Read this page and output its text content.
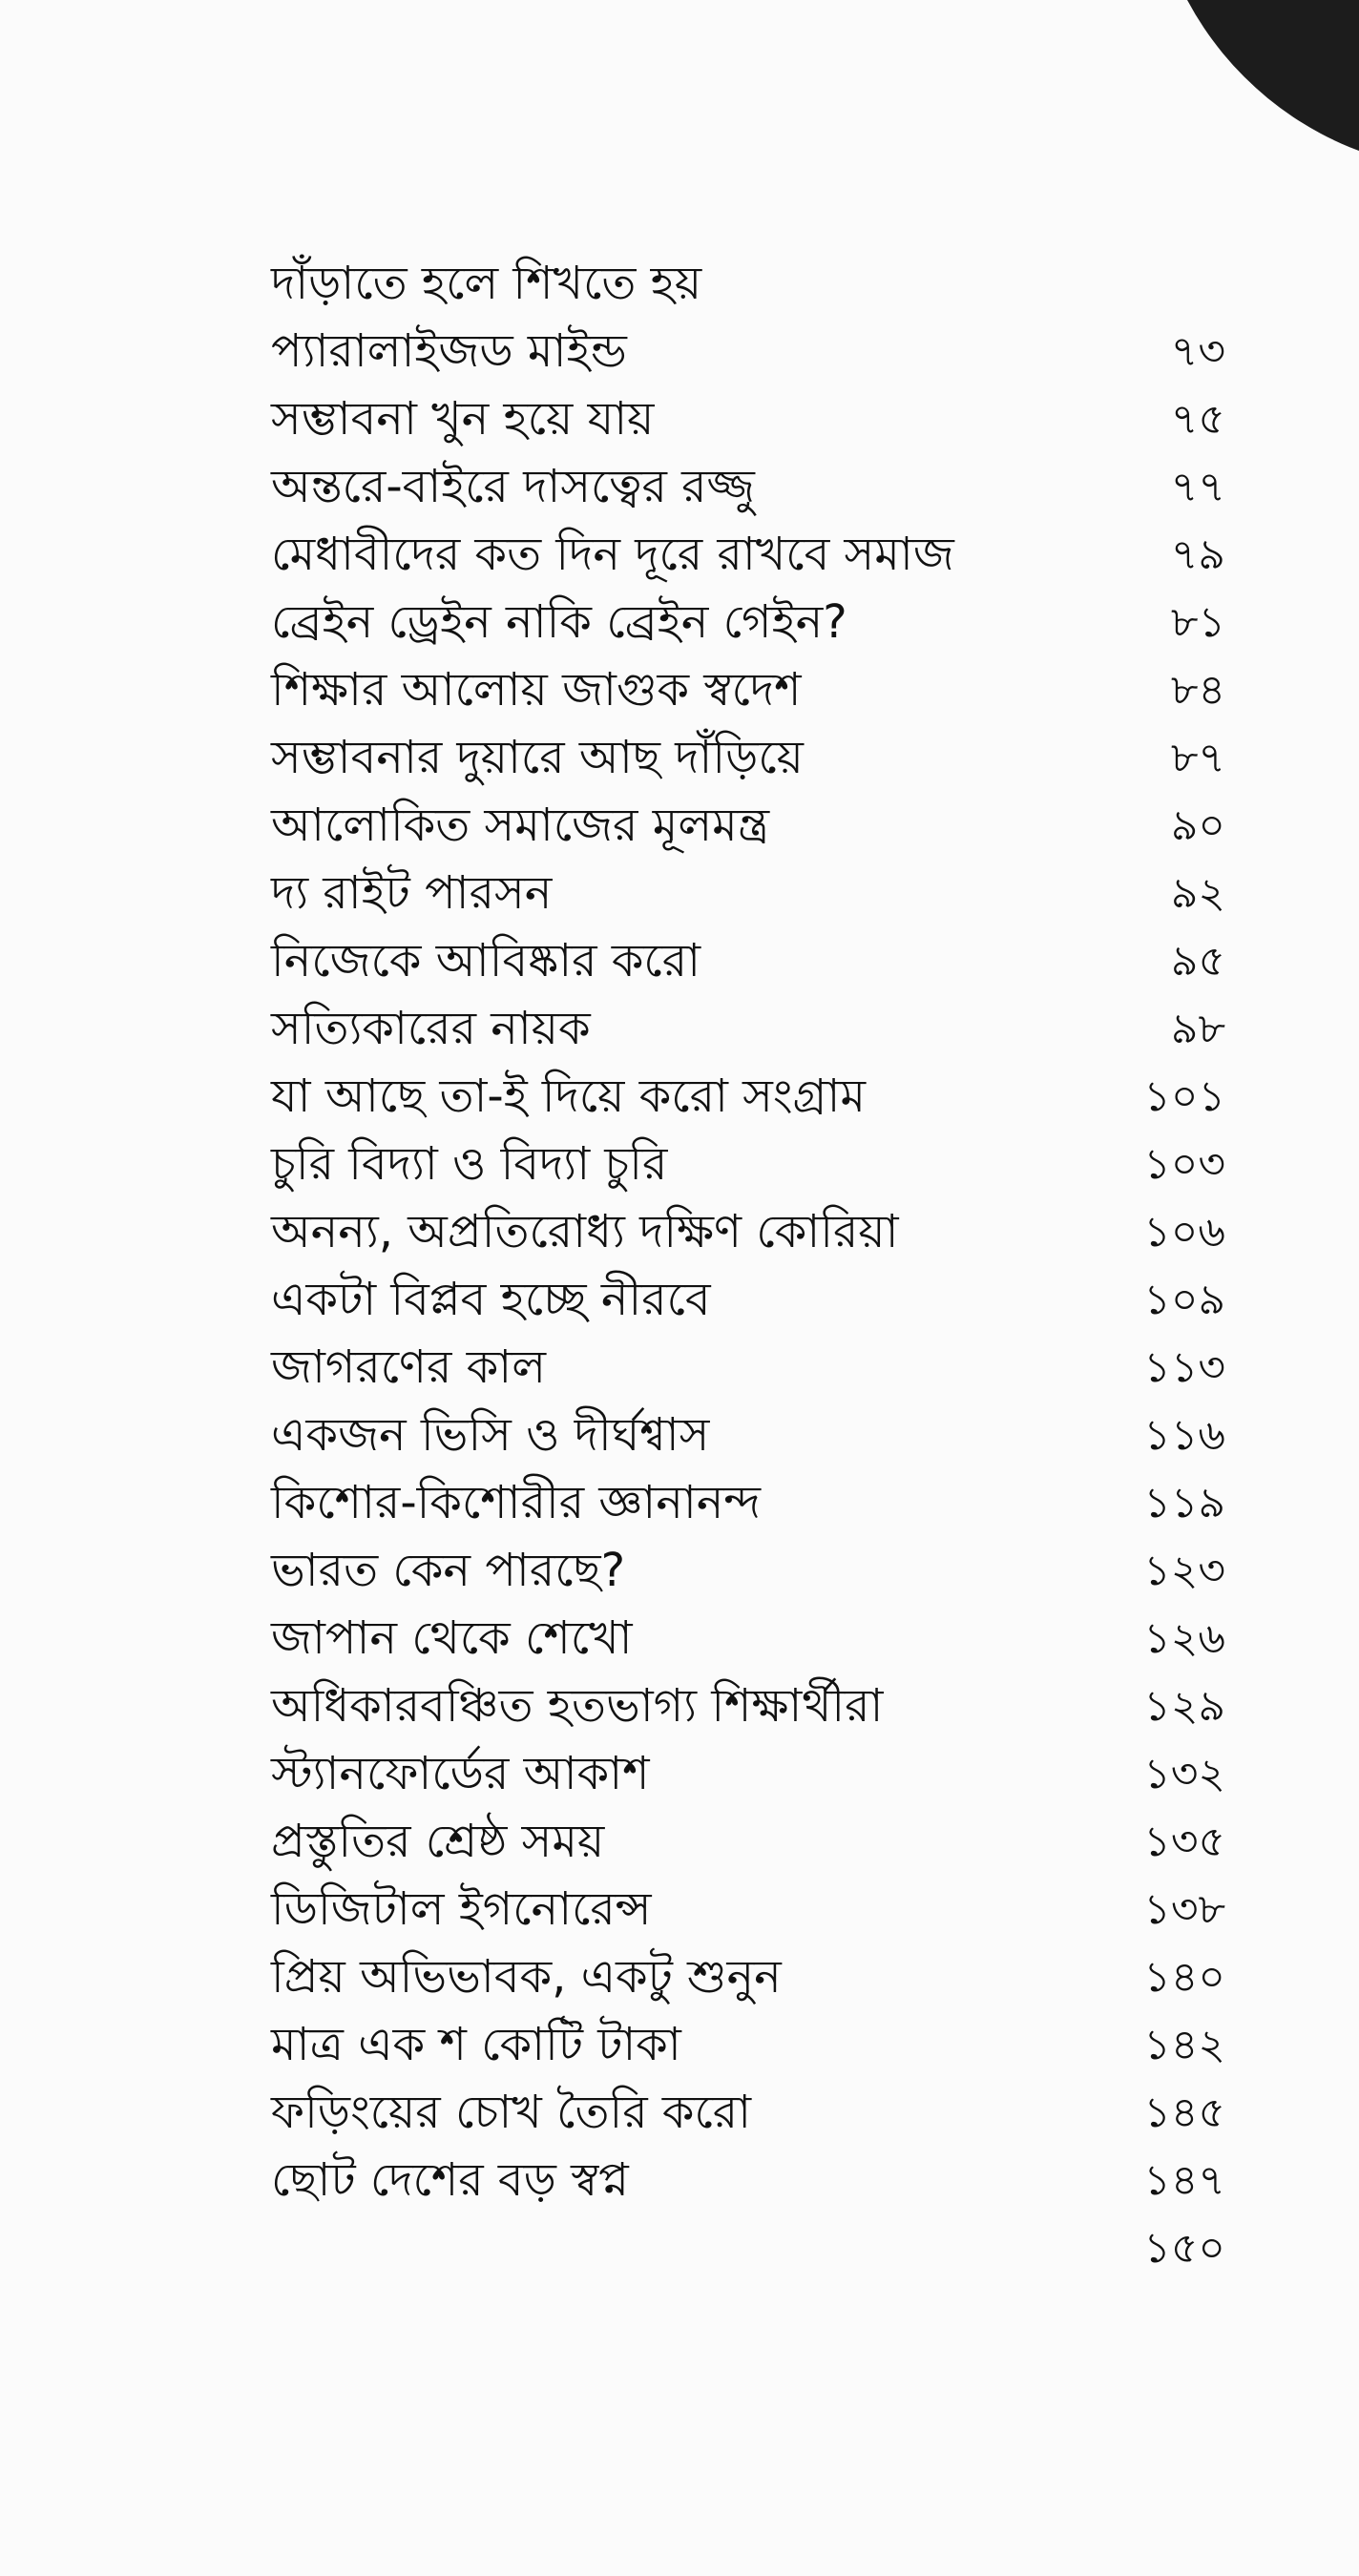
দাঁড়াতে হলে শিখতে হয়
প্যারালাইজড মাইন্ড	৭৩
সম্ভাবনা খুন হয়ে যায়	৭৫
অন্তরে-বাইরে দাসত্বের রজ্জু	৭৭
মেধাবীদের কত দিন দূরে রাখবে সমাজ	৭৯
ব্রেইন ড্রেইন নাকি ব্রেইন গেইন?	৮১
শিক্ষার আলোয় জাগুক স্বদেশ	৮৪
সম্ভাবনার দুয়ারে আছ দাঁড়িয়ে	৮৭
আলোকিত সমাজের মূলমন্ত্র	৯০
দ্য রাইট পারসন	৯২
নিজেকে আবিষ্কার করো	৯৫
সত্যিকারের নায়ক	৯৮
যা আছে তা-ই দিয়ে করো সংগ্রাম	১০১
চুরি বিদ্যা ও বিদ্যা চুরি	১০৩
অনন্য, অপ্রতিরোধ্য দক্ষিণ কোরিয়া	১০৬
একটা বিপ্লব হচ্ছে নীরবে	১০৯
জাগরণের কাল	১১৩
একজন ভিসি ও দীর্ঘশ্বাস	১১৬
কিশোর-কিশোরীর জ্ঞানানন্দ	১১৯
ভারত কেন পারছে?	১২৩
জাপান থেকে শেখো	১২৬
অধিকারবঞ্চিত হতভাগ্য শিক্ষার্থীরা	১২৯
স্ট্যানফোর্ডের আকাশ	১৩২
প্রস্তুতির শ্রেষ্ঠ সময়	১৩৫
ডিজিটাল ইগনোরেন্স	১৩৮
প্রিয় অভিভাবক, একটু শুনুন	১৪০
মাত্র এক শ কোটি টাকা	১৪২
ফড়িংয়ের চোখ তৈরি করো	১৪৫
ছোট দেশের বড় স্বপ্ন	১৪৭
১৫০
